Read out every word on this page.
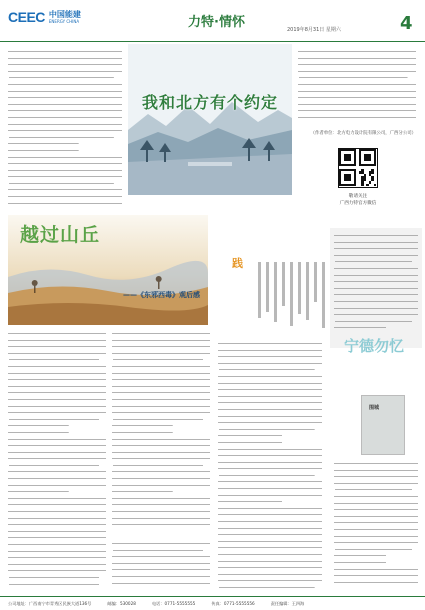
CEEC 中国能建
ENERGY CHINA	力特·情怀	2019年8月31日 星期六	4
我和北方有个约定
（作者单位：北方电力设计院有限公司，广西分公司）
敬请关注
广西力特官方微信
越过山丘
——《东邪西毒》观后感
践
宁德勿忆
围城
公司地址：广西南宁市青秀区民族大道136号	邮编：530028	电话：0771-5555555	传真：0771-5555556	责任编辑：王四海
